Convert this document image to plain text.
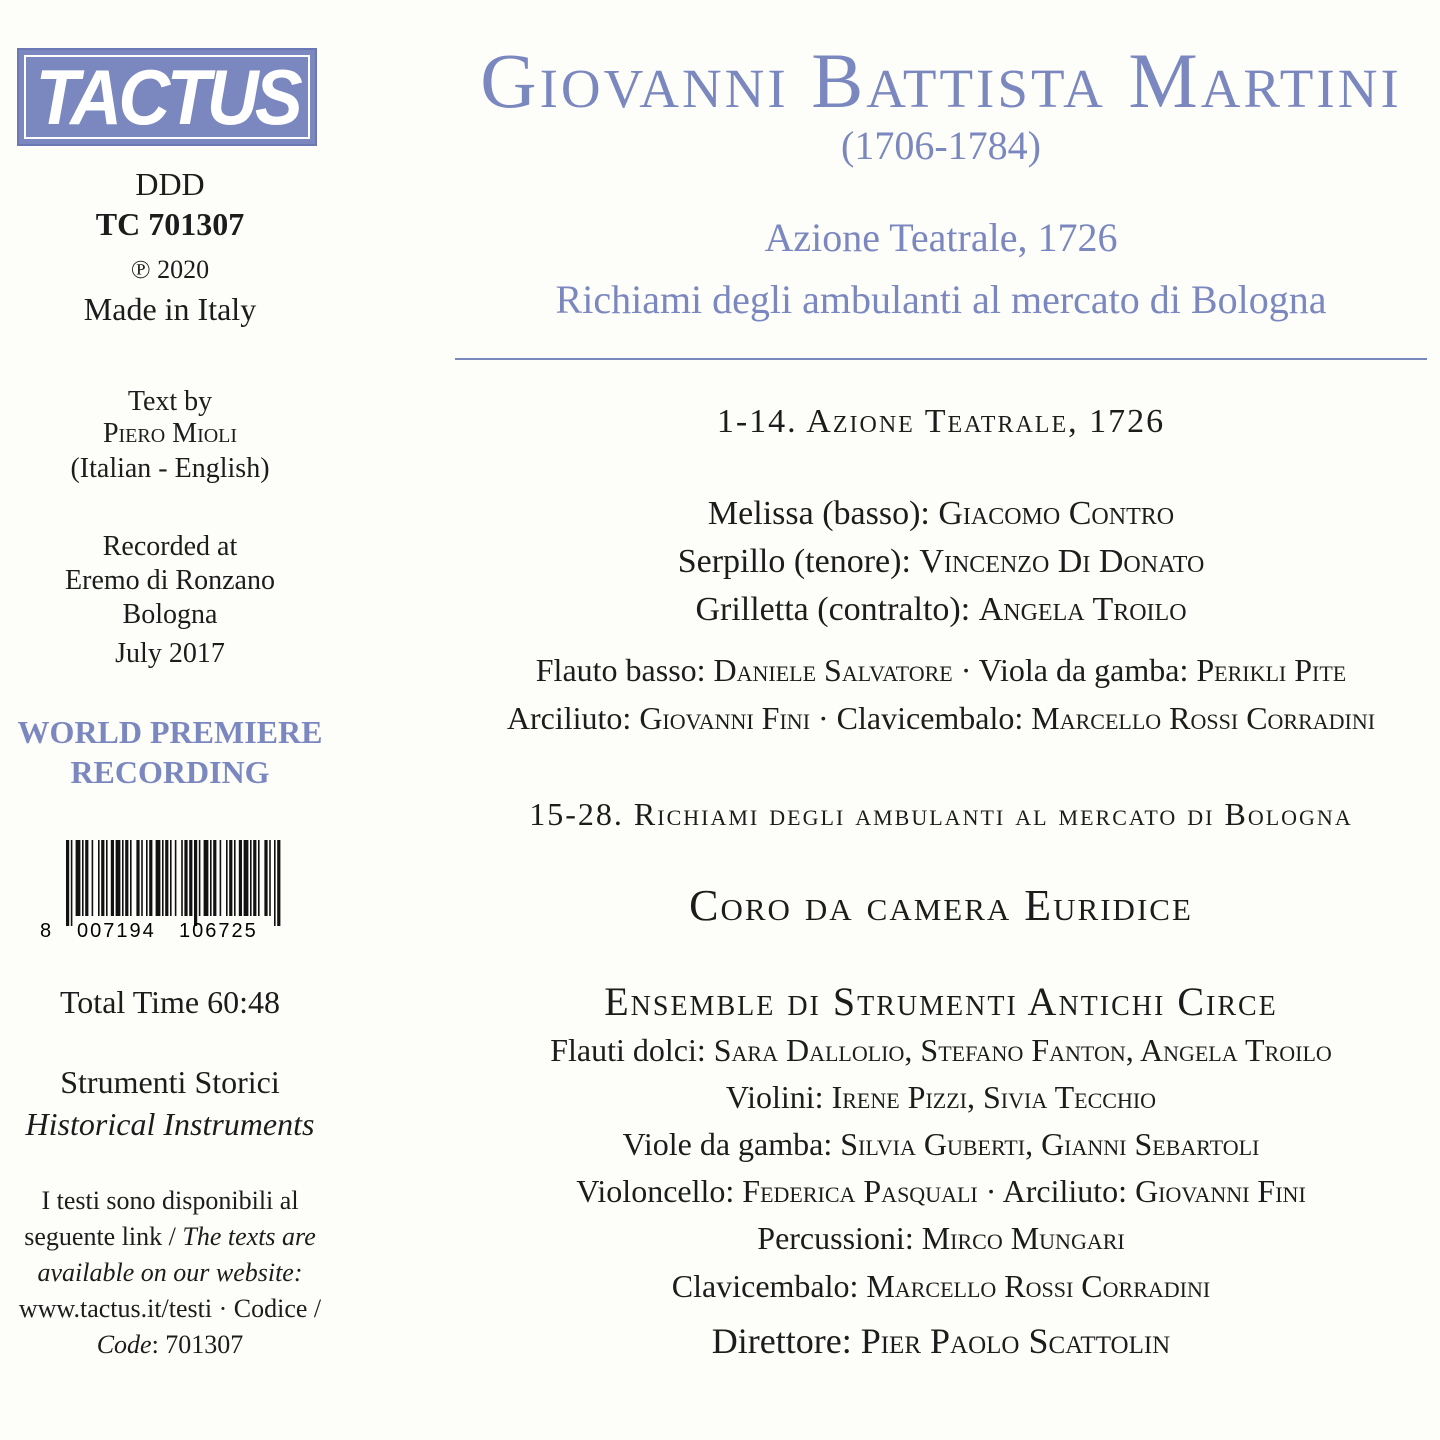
TACTUS
DDD
TC 701307
℗ 2020
Made in Italy
Text by
Piero Mioli
(Italian - English)
Recorded at
Eremo di Ronzano
Bologna
July 2017
WORLD PREMIERE
RECORDING
8 007194 106725
Total Time 60:48
Strumenti Storici
Historical Instruments
I testi sono disponibili al
seguente link / The texts are
available on our website:
www.tactus.it/testi · Codice /
Code: 701307
Giovanni Battista Martini
(1706-1784)
Azione Teatrale, 1726
Richiami degli ambulanti al mercato di Bologna
1-14. Azione Teatrale, 1726
Melissa (basso): Giacomo Contro
Serpillo (tenore): Vincenzo Di Donato
Grilletta (contralto): Angela Troilo
Flauto basso: Daniele Salvatore · Viola da gamba: Perikli Pite
Arciliuto: Giovanni Fini · Clavicembalo: Marcello Rossi Corradini
15-28. Richiami degli ambulanti al mercato di Bologna
Coro da camera Euridice
Ensemble di Strumenti Antichi Circe
Flauti dolci: Sara Dallolio, Stefano Fanton, Angela Troilo
Violini: Irene Pizzi, Sivia Tecchio
Viole da gamba: Silvia Guberti, Gianni Sebartoli
Violoncello: Federica Pasquali · Arciliuto: Giovanni Fini
Percussioni: Mirco Mungari
Clavicembalo: Marcello Rossi Corradini
Direttore: Pier Paolo Scattolin
